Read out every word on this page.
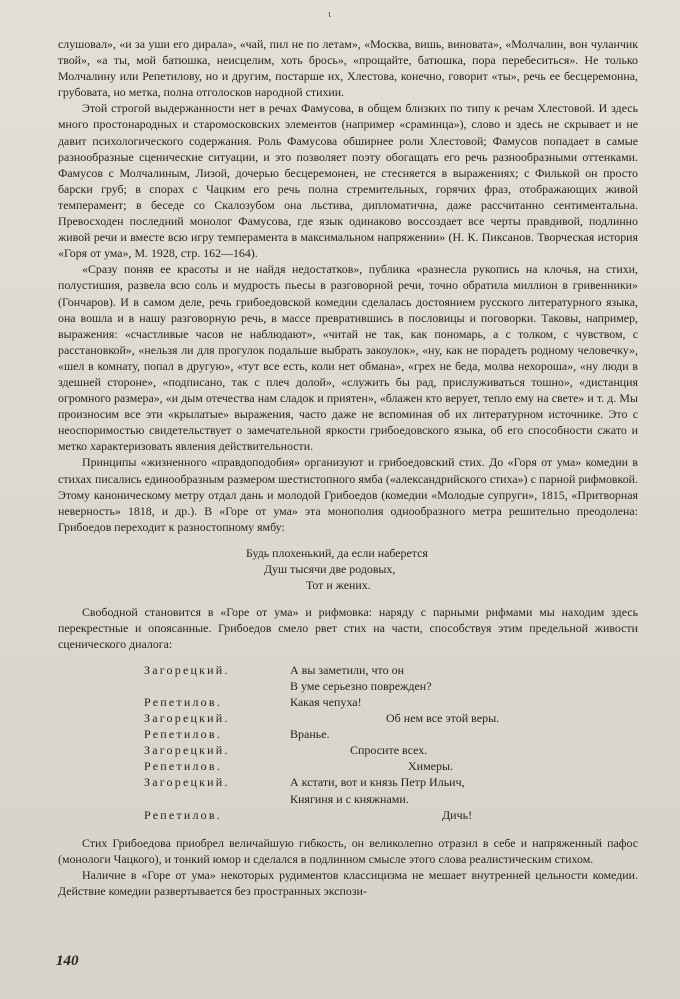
ι

слушовал», «и за уши его дирала», «чай, пил не по летам», «Москва, вишь, виновата», «Молчалин, вон чуланчик твой», «а ты, мой батюшка, неисцелим, хоть брось», «прощайте, батюшка, пора перебеситься». Не только Молчалину или Репетилову, но и другим, постарше их, Хлестова, конечно, говорит «ты», речь ее бесцеремонна, грубовата, но метка, полна отголосков народной стихии.

Этой строгой выдержанности нет в речах Фамусова, в общем близких по типу к речам Хлестовой. И здесь много простонародных и старомосковских элементов (например «сраминца»), слово и здесь не скрывает и не давит психологического содержания. Роль Фамусова обширнее роли Хлестовой; Фамусов попадает в самые разнообразные сценические ситуации, и это позволяет поэту обогащать его речь разнообразными оттенками. Фамусов с Молчалиным, Лизой, дочерью бесцеремонен, не стесняется в выражениях; с Филькой он просто барски груб; в спорах с Чацким его речь полна стремительных, горячих фраз, отображающих живой темперамент; в беседе со Скалозубом она льстива, дипломатична, даже рассчитанно сентиментальна. Превосходен последний монолог Фамусова, где язык одинаково воссоздает все черты правдивой, подлинно живой речи и вместе всю игру темперамента в максимальном напряжении» (Н. К. Пиксанов. Творческая история «Горя от ума», М. 1928, стр. 162—164).

«Сразу поняв ее красоты и не найдя недостатков», публика «разнесла рукопись на клочья, на стихи, полустишия, развела всю соль и мудрость пьесы в разговорной речи, точно обратила миллион в гривенники» (Гончаров). И в самом деле, речь грибоедовской комедии сделалась достоянием русского литературного языка, она вошла и в нашу разговорную речь, в массе превратившись в пословицы и поговорки. Таковы, например, выражения: «счастливые часов не наблюдают», «читай не так, как пономарь, а с толком, с чувством, с расстановкой», «нельзя ли для прогулок подальше выбрать закоулок», «ну, как не порадеть родному человечку», «шел в комнату, попал в другую», «тут все есть, коли нет обмана», «грех не беда, молва нехороша», «ну люди в здешней стороне», «подписано, так с плеч долой», «служить бы рад, прислуживаться тошно», «дистанция огромного размера», «и дым отечества нам сладок и приятен», «блажен кто верует, тепло ему на свете» и т. д. Мы произносим все эти «крылатые» выражения, часто даже не вспоминая об их литературном источнике. Это с неоспоримостью свидетельствует о замечательной яркости грибоедовского языка, об его способности сжато и метко характеризовать явления действительности.

Принципы «жизненного «правдоподобия» организуют и грибоедовский стих. До «Горя от ума» комедии в стихах писались единообразным размером шестистопного ямба («александрийского стиха») с парной рифмовкой. Этому каноническому метру отдал дань и молодой Грибоедов (комедии «Молодые супруги», 1815, «Притворная неверность» 1818, и др.). В «Горе от ума» эта монополия однообразного метра решительно преодолена: Грибоедов переходит к разностопному ямбу:

Будь плохенький, да если наберется
Душ тысячи две родовых,
Тот и жених.

Свободной становится в «Горе от ума» и рифмовка: наряду с парными рифмами мы находим здесь перекрестные и опоясанные. Грибоедов смело рвет стих на части, способствуя этим предельной живости сценического диалога:

Загорецкий.	А вы заметили, что он
В уме серьезно поврежден?
Репетилов.	Какая чепуха!
Загорецкий.	Об нем все этой веры.
Репетилов.	Вранье.
Загорецкий.	Спросите всех.
Репетилов.	Химеры.
Загорецкий.	А кстати, вот и князь Петр Ильич,
Княгиня и с княжнами.
Репетилов.	Дичь!

Стих Грибоедова приобрел величайшую гибкость, он великолепно отразил в себе и напряженный пафос (монологи Чацкого), и тонкий юмор и сделался в подлинном смысле этого слова реалистическим стихом.

Наличие в «Горе от ума» некоторых рудиментов классицизма не мешает внутренней цельности комедии. Действие комедии развертывается без пространных экспози-

140
